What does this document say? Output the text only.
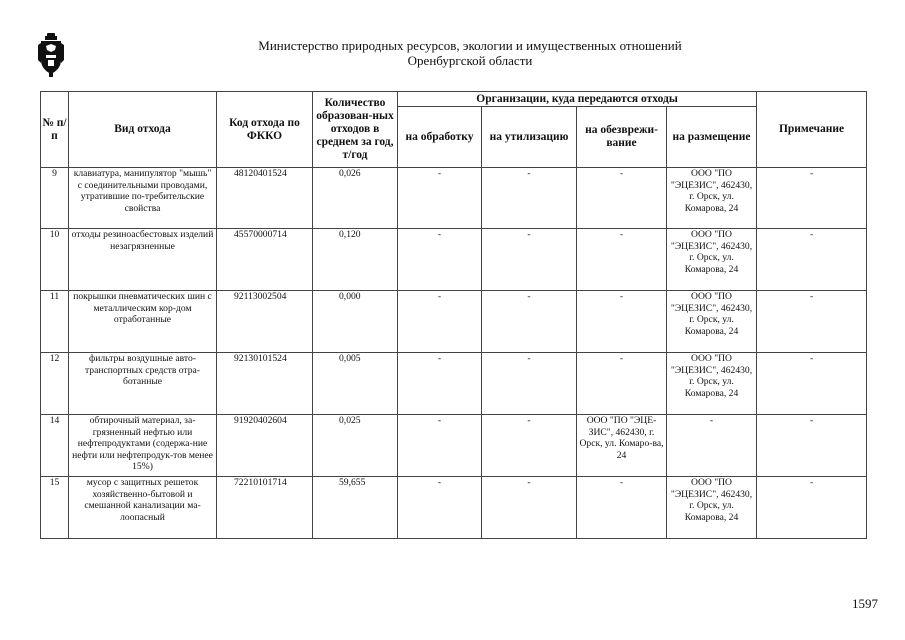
Министерство природных ресурсов, экологии и имущественных отношений
Оренбургской области
№ п/п	Вид отхода	Код отхода по ФККО	Количество образован-ных отходов в среднем за год, т/год	Организации, куда передаются отходы				Примечание
				на обработку	на утилизацию	на обезврежи-вание	на размещение	
9	клавиатура, манипулятор "мышь" с соединительными проводами, утратившие по-требительские свойства	48120401524	0,026	-	-	-	ООО "ПО "ЭЦЕЗИС", 462430, г. Орск, ул. Комарова, 24	-
10	отходы резиноасбестовых изделий незагрязненные	45570000714	0,120	-	-	-	ООО "ПО "ЭЦЕЗИС", 462430, г. Орск, ул. Комарова, 24	-
11	покрышки пневматических шин с металлическим кор-дом отработанные	92113002504	0,000	-	-	-	ООО "ПО "ЭЦЕЗИС", 462430, г. Орск, ул. Комарова, 24	-
12	фильтры воздушные авто-транспортных средств отра-ботанные	92130101524	0,005	-	-	-	ООО "ПО "ЭЦЕЗИС", 462430, г. Орск, ул. Комарова, 24	-
14	обтирочный материал, за-грязненный нефтью или нефтепродуктами (содержа-ние нефти или нефтепродук-тов менее 15%)	91920402604	0,025	-	-	ООО "ПО "ЭЦЕ-ЗИС", 462430, г. Орск, ул. Комаро-ва, 24	-	-
15	мусор с защитных решеток хозяйственно-бытовой и смешанной канализации ма-лоопасный	72210101714	59,655	-	-	-	ООО "ПО "ЭЦЕЗИС", 462430, г. Орск, ул. Комарова, 24	-
1597
